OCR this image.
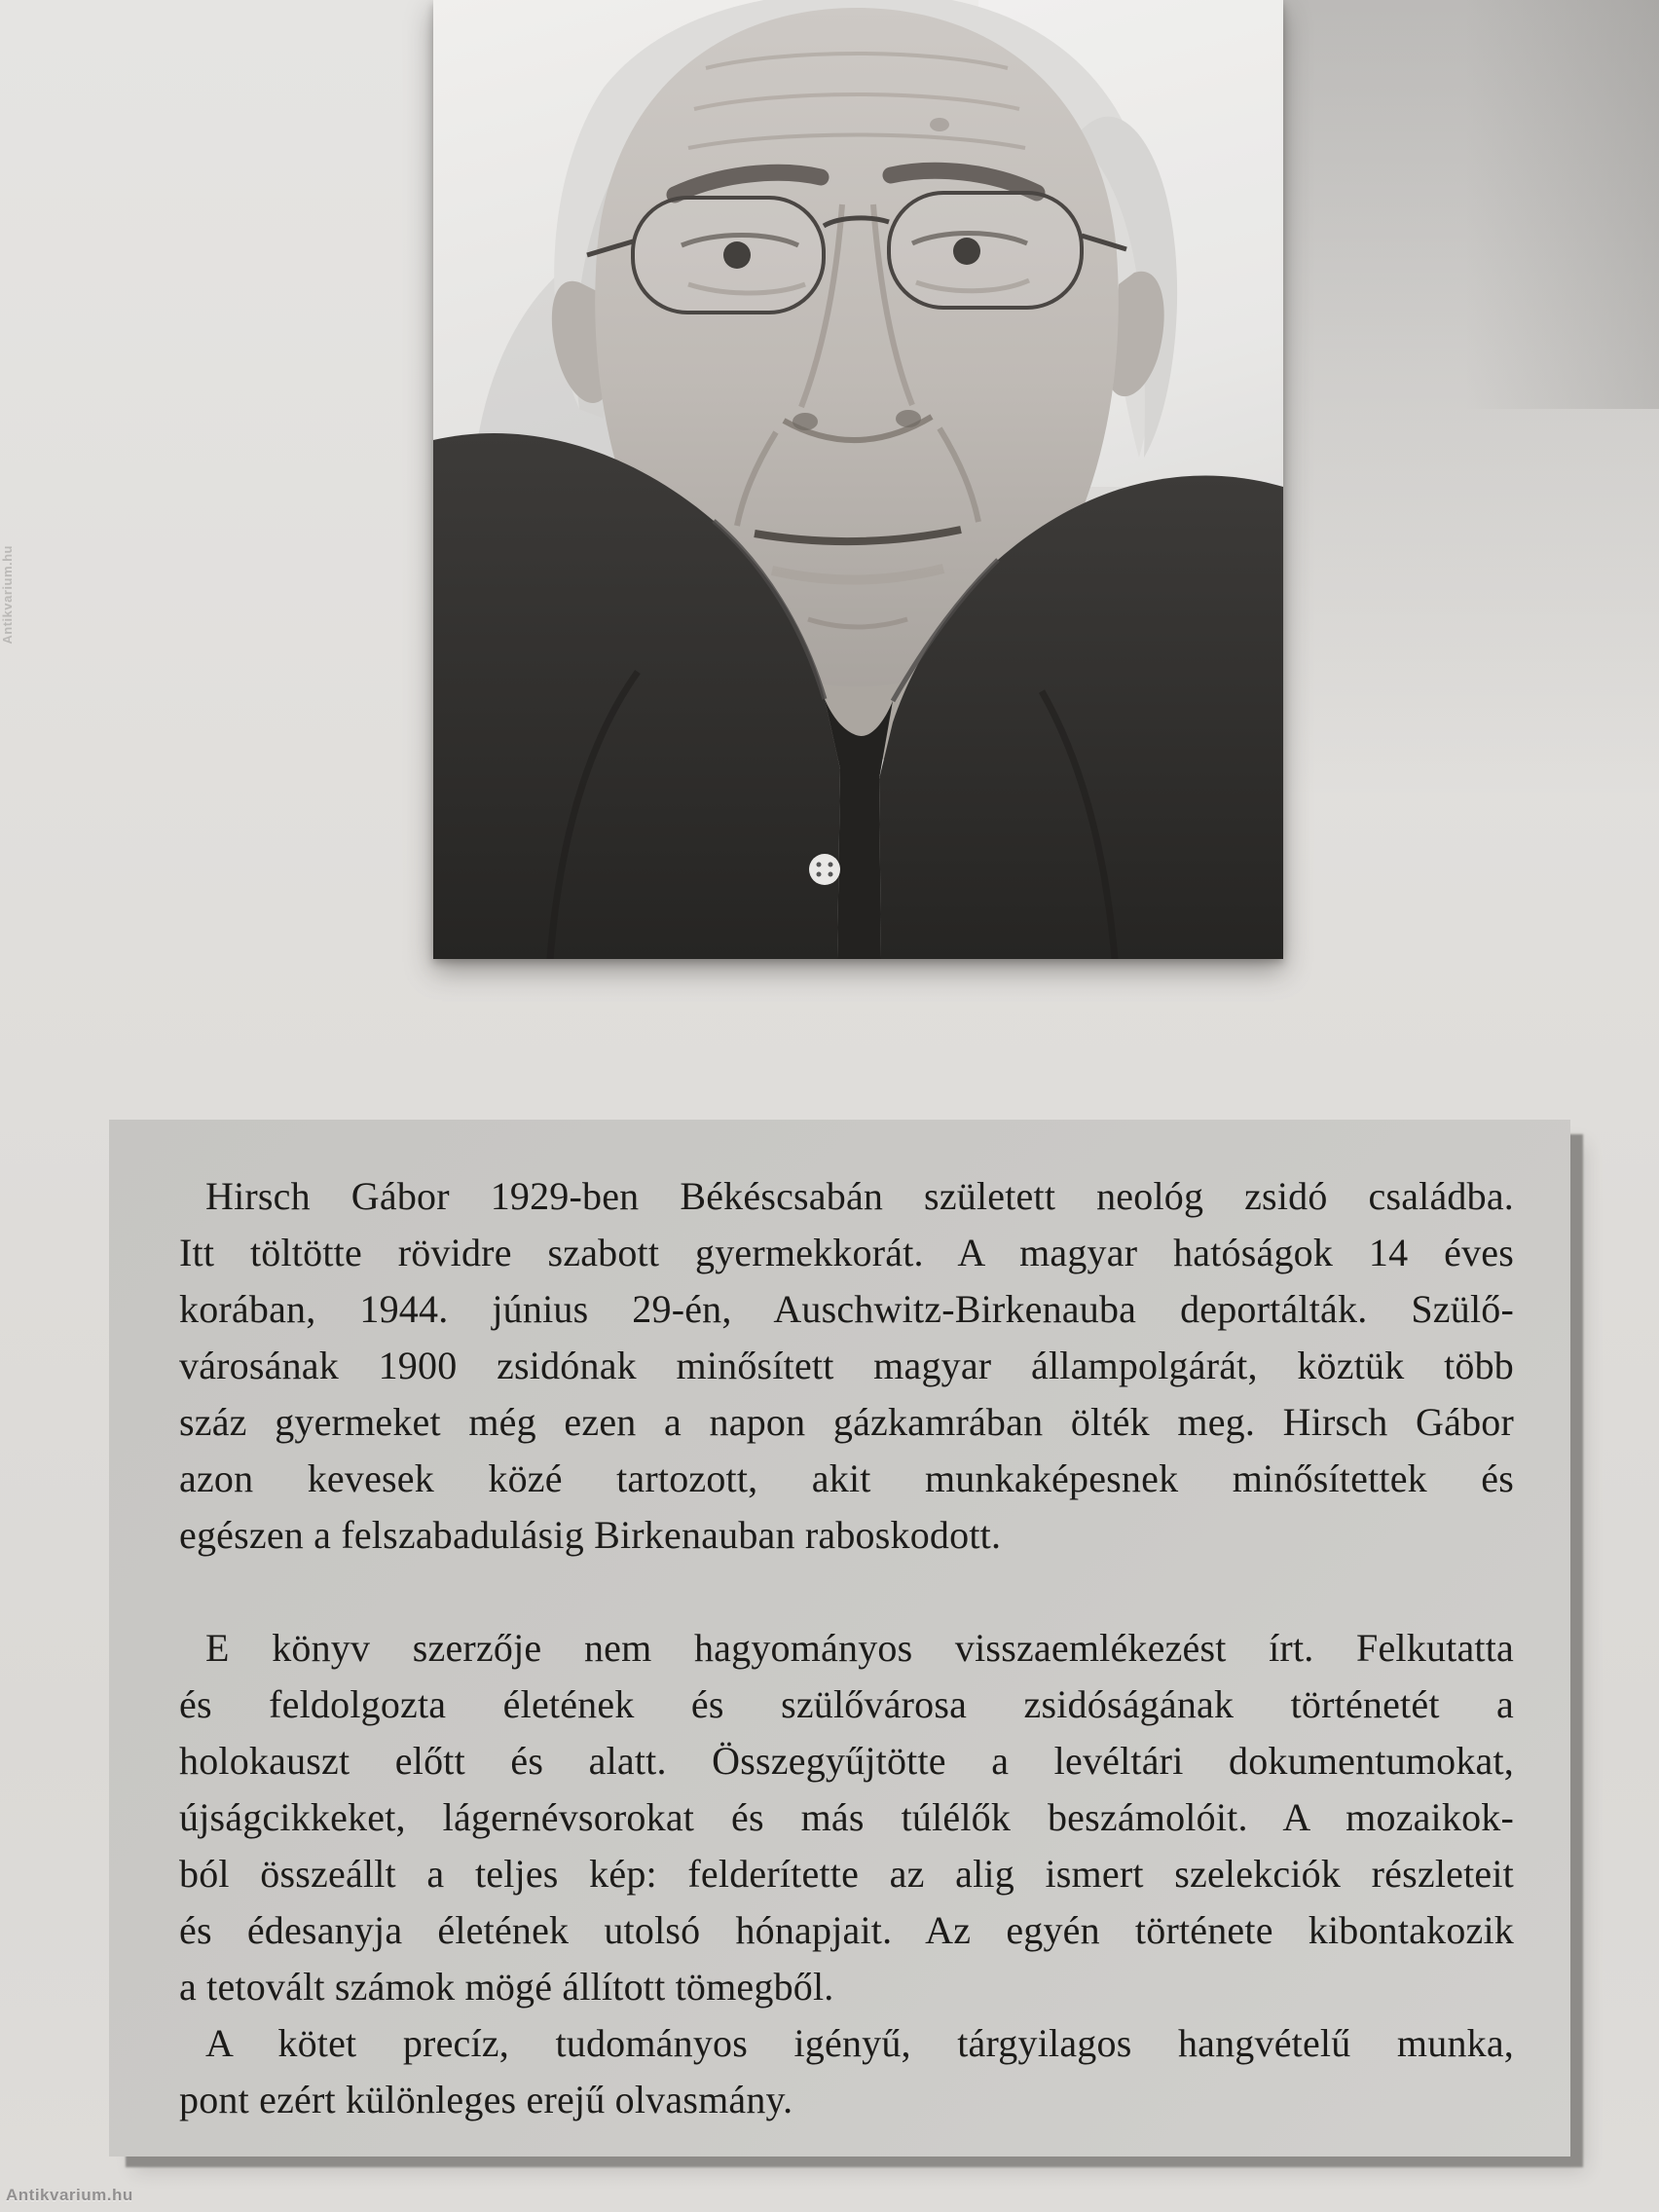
Hirsch Gábor 1929-ben Békéscsabán született neológ zsidó családba.
Itt töltötte rövidre szabott gyermekkorát. A magyar hatóságok 14 éves
korában, 1944. június 29-én, Auschwitz-Birkenauba deportálták. Szülő-
városának 1900 zsidónak minősített magyar állampolgárát, köztük több
száz gyermeket még ezen a napon gázkamrában ölték meg. Hirsch Gábor
azon kevesek közé tartozott, akit munkaképesnek minősítettek és
egészen a felszabadulásig Birkenauban raboskodott.
E könyv szerzője nem hagyományos visszaemlékezést írt. Felkutatta
és feldolgozta életének és szülővárosa zsidóságának történetét a
holokauszt előtt és alatt. Összegyűjtötte a levéltári dokumentumokat,
újságcikkeket, lágernévsorokat és más túlélők beszámolóit. A mozaikok-
ból összeállt a teljes kép: felderítette az alig ismert szelekciók részleteit
és édesanyja életének utolsó hónapjait. Az egyén története kibontakozik
a tetovált számok mögé állított tömegből.
A kötet precíz, tudományos igényű, tárgyilagos hangvételű munka,
pont ezért különleges erejű olvasmány.
Antikvarium.hu
Antikvarium.hu
